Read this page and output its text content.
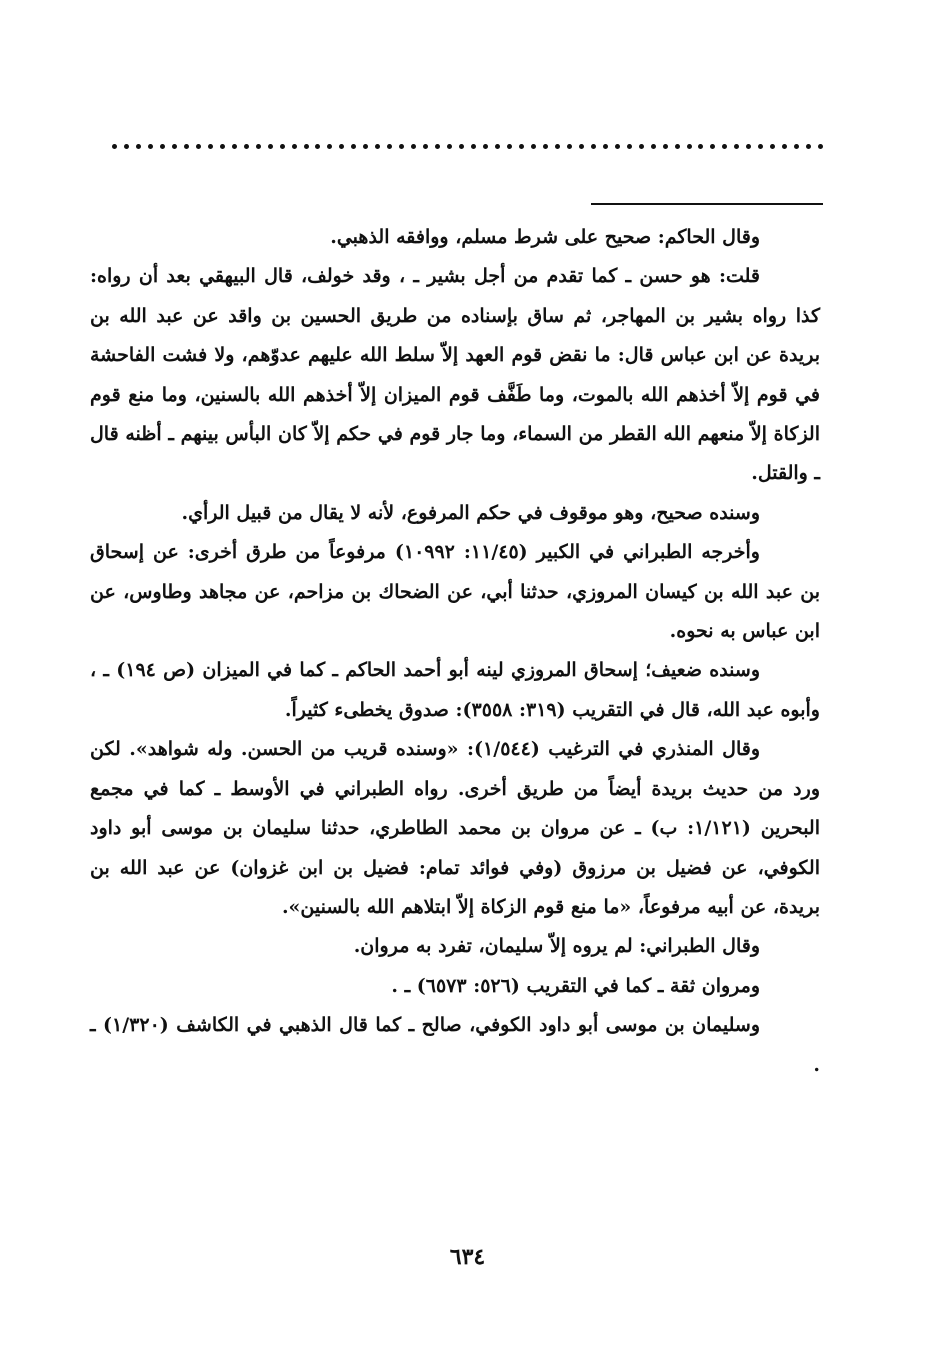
وقال الحاكم: صحيح على شرط مسلم، ووافقه الذهبي.

قلت: هو حسن ـ كما تقدم من أجل بشير ـ ، وقد خولف، قال البيهقي بعد أن رواه: كذا رواه بشير بن المهاجر، ثم ساق بإسناده من طريق الحسين بن واقد عن عبد الله بن بريدة عن ابن عباس قال: ما نقض قوم العهد إلاّ سلط الله عليهم عدوّهم، ولا فشت الفاحشة في قوم إلاّ أخذهم الله بالموت، وما طَفَّف قوم الميزان إلاّ أخذهم الله بالسنين، وما منع قوم الزكاة إلاّ منعهم الله القطر من السماء، وما جار قوم في حكم إلاّ كان البأس بينهم ـ أظنه قال ـ والقتل.

وسنده صحيح، وهو موقوف في حكم المرفوع، لأنه لا يقال من قبيل الرأي.

وأخرجه الطبراني في الكبير (١١/٤٥: ١٠٩٩٢) مرفوعاً من طرق أخرى: عن إسحاق بن عبد الله بن كيسان المروزي، حدثنا أبي، عن الضحاك بن مزاحم، عن مجاهد وطاوس، عن ابن عباس به نحوه.

وسنده ضعيف؛ إسحاق المروزي لينه أبو أحمد الحاكم ـ كما في الميزان (ص ١٩٤) ـ ، وأبوه عبد الله، قال في التقريب (٣١٩: ٣٥٥٨): صدوق يخطىء كثيراً.

وقال المنذري في الترغيب (١/٥٤٤): «وسنده قريب من الحسن. وله شواهد». لكن ورد من حديث بريدة أيضاً من طريق أخرى. رواه الطبراني في الأوسط ـ كما في مجمع البحرين (١/١٢١: ب) ـ عن مروان بن محمد الطاطري، حدثنا سليمان بن موسى أبو داود الكوفي، عن فضيل بن مرزوق (وفي فوائد تمام: فضيل بن ابن غزوان) عن عبد الله بن بريدة، عن أبيه مرفوعاً، «ما منع قوم الزكاة إلاّ ابتلاهم الله بالسنين».

وقال الطبراني: لم يروه إلاّ سليمان، تفرد به مروان.

ومروان ثقة ـ كما في التقريب (٥٢٦: ٦٥٧٣) ـ .

وسليمان بن موسى أبو داود الكوفي، صالح ـ كما قال الذهبي في الكاشف (١/٣٢٠) ـ .

٦٣٤
